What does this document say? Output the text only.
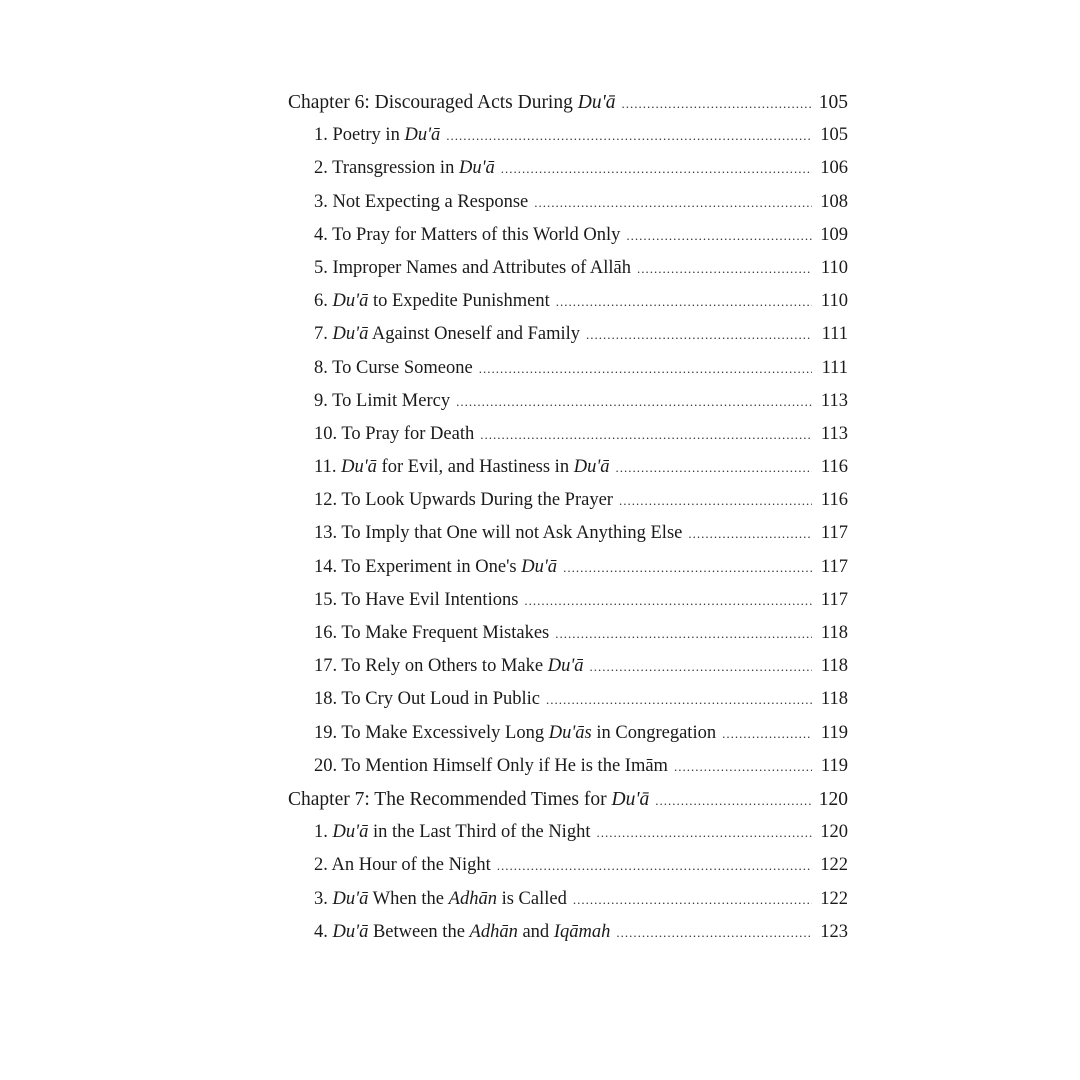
Chapter 6: Discouraged Acts During Du'ā .....	105
1. Poetry in Du'ā .....	105
2. Transgression in Du'ā .....	106
3. Not Expecting a Response .....	108
4. To Pray for Matters of this World Only .....	109
5. Improper Names and Attributes of Allāh .....	110
6. Du'ā to Expedite Punishment .....	110
7. Du'ā Against Oneself and Family .....	111
8. To Curse Someone .....	111
9. To Limit Mercy .....	113
10. To Pray for Death .....	113
11. Du'ā for Evil, and Hastiness in Du'ā .....	116
12. To Look Upwards During the Prayer .....	116
13. To Imply that One will not Ask Anything Else .....	117
14. To Experiment in One's Du'ā .....	117
15. To Have Evil Intentions .....	117
16. To Make Frequent Mistakes .....	118
17. To Rely on Others to Make Du'ā .....	118
18. To Cry Out Loud in Public .....	118
19. To Make Excessively Long Du'ās in Congregation .....	119
20. To Mention Himself Only if He is the Imām .....	119
Chapter 7: The Recommended Times for Du'ā .....	120
1. Du'ā in the Last Third of the Night .....	120
2. An Hour of the Night .....	122
3. Du'ā When the Adhān is Called .....	122
4. Du'ā Between the Adhān and Iqāmah .....	123
